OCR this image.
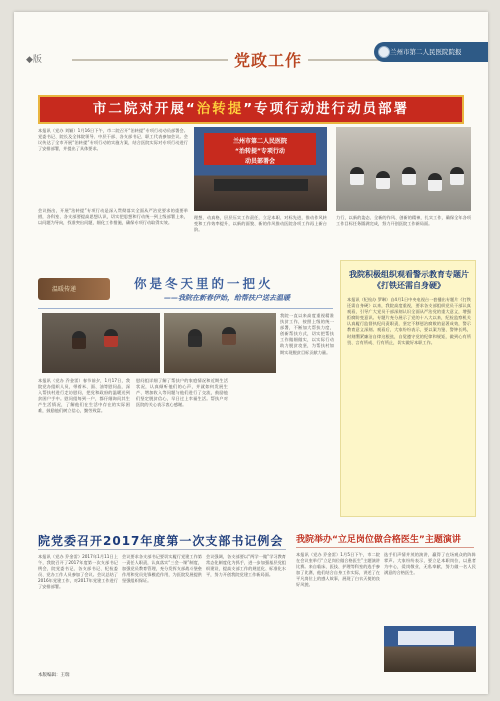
◆版	党政工作	兰州市第二人民医院院报
市二院对开展“治转提”专项行动进行动员部署
本报讯（党办 刘颖）1月16日下午，市二院召开“治转提”专项行动动员部署会。党委书记、院长及全体院领导、中层干部、各支部书记、职工代表参加会议。会议传达了全市开展“治转提”专项行动的实施方案，结合医院实际对专项行动进行了安排部署，并提出了具体要求。
会议指出，开展“治转提”专项行动是深入贯彻落实全面从严治党要求的重要举措，各科室、各支部要提高思想认识，切实把思想和行动统一到上级部署上来，以问题为导向，找准突出问题，细化工作措施，确保专项行动取得实效。
兰州市第二人民医院
“治转提”专项行动
动员部署会
理想、动真格，层层压实工作责任，立足本职、对标先进，推动作风转变和工作效率提升，以新的面貌、新的作风推动医院各项工作再上新台阶。
力行，以新的姿态、全新的作风、创新的精神，扎实工作，确保全年各项工作目标任务圆满完成，努力开创医院工作新局面。
温暖传递	你是冬天里的一把火
——我院在新春伊始，给帮扶户送去温暖
本报讯（党办 乔金雷）春节前夕，1月17日，我院党办组织人员，带着米、面、油等慰问品，深入帮扶村进行走访慰问，把党和政府的温暖送到贫困户手中。慰问组每到一户，都仔细询问其生产生活情况，了解他们在生活中存在的实际困难，鼓励他们树立信心，勤劳致富。
慰问组详细了解了帮扶户的家庭情况和近期生活状况，认真倾听他们的心声，并就如何发展生产、增加收入等问题与他们进行了交流，鼓励他们坚定脱贫信心，早日过上幸福生活。帮扶户对医院的关心表示衷心感谢。
我院一直以来高度重视精准扶贫工作，按照上级的统一部署，不断加大帮扶力度，创新帮扶方式，切实把帮扶工作做细做实，以实际行动助力脱贫攻坚，为帮扶村如期实现脱贫目标贡献力量。
我院积极组织观看警示教育专题片《打铁还需自身硬》
本报讯（纪检办 罗琳）自4月1日中央电视台一套播出专题片《打铁还需自身硬》以来，我院高度重视，要求各支部组织党员干部认真观看，引导广大党员干部深刻认识全面从严治党的重大意义，增强拒腐防变意识。专题片充分展示了党的十八大以来，纪检监察机关认真履行监督执纪问责职责，坚定不移惩治腐败的显著成效，警示教育意义深刻。观看后，大家纷纷表示，要以案为鉴、警钟长鸣，时刻绷紧廉洁自律这根弦，自觉遵守党的纪律和规矩，做到心有所畏、言有所戒、行有所止，切实做好本职工作。
院党委召开2017年度第一次支部书记例会
本报讯（党办 乔金雷）2017年1月11日上午，我院召开了2017年度第一次支部书记例会，院党委书记、各支部书记、纪检委员、党办工作人员参加了会议。会议总结了2016年党建工作，对2017年党建工作进行了安排部署。
会议要求各支部书记要切实履行党建工作第一责任人职责，认真落实“三会一课”制度，加强党员教育管理，充分发挥支部战斗堡垒作用和党员先锋模范作用，为医院发展提供坚强组织保证。
会议强调，各支部要以“两学一做”学习教育常态化制度化为抓手，进一步加强基层党组织建设，提高支部工作的规范化、标准化水平，努力开创我院党建工作新局面。
我院举办“立足岗位做合格医生”主题演讲
本报讯（党办 乔金雷）1月5日下午，市二院在会议室举行“立足岗位做合格医生”主题演讲比赛。来自临床、医技、护理等科室的选手参加了比赛，他们结合自身工作实际，讲述了在平凡岗位上的感人故事，展现了白衣天使的良好风貌。
选手们声情并茂的演讲，赢得了在场观众的阵阵掌声。大家纷纷表示，要立足本职岗位，以患者为中心，爱岗敬业，无私奉献，努力做一名人民满意的合格医生。
本版编辑：王瑞
